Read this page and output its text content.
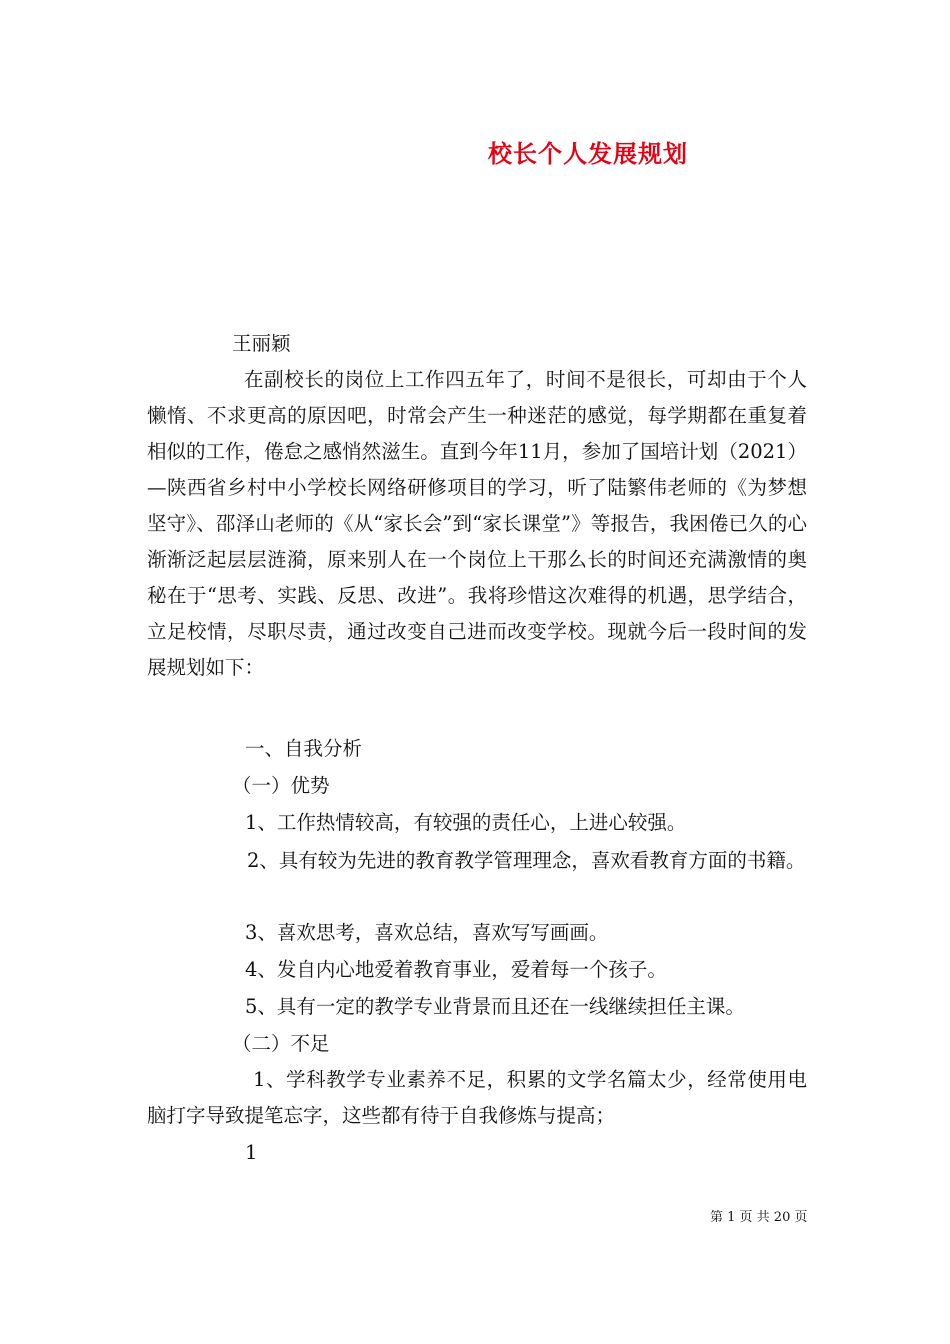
校长个人发展规划
王丽颖
在副校长的岗位上工作四五年了，时间不是很长，可却由于个人懒惰、不求更高的原因吧，时常会产生一种迷茫的感觉，每学期都在重复着相似的工作，倦怠之感悄然滋生。直到今年11月，参加了国培计划（2021）—陕西省乡村中小学校长网络研修项目的学习，听了陆繁伟老师的《为梦想坚守》、邵泽山老师的《从“家长会”到“家长课堂”》等报告，我困倦已久的心渐渐泛起层层涟漪，原来别人在一个岗位上干那么长的时间还充满激情的奥秘在于“思考、实践、反思、改进”。我将珍惜这次难得的机遇，思学结合，立足校情，尽职尽责，通过改变自己进而改变学校。现就今后一段时间的发展规划如下：
一、自我分析
（一）优势
1、工作热情较高，有较强的责任心，上进心较强。
2、具有较为先进的教育教学管理理念，喜欢看教育方面的书籍。
3、喜欢思考，喜欢总结，喜欢写写画画。
4、发自内心地爱着教育事业，爱着每一个孩子。
5、具有一定的教学专业背景而且还在一线继续担任主课。
（二）不足
1、学科教学专业素养不足，积累的文学名篇太少，经常使用电脑打字导致提笔忘字，这些都有待于自我修炼与提高；
1
第 1 页 共 20 页
